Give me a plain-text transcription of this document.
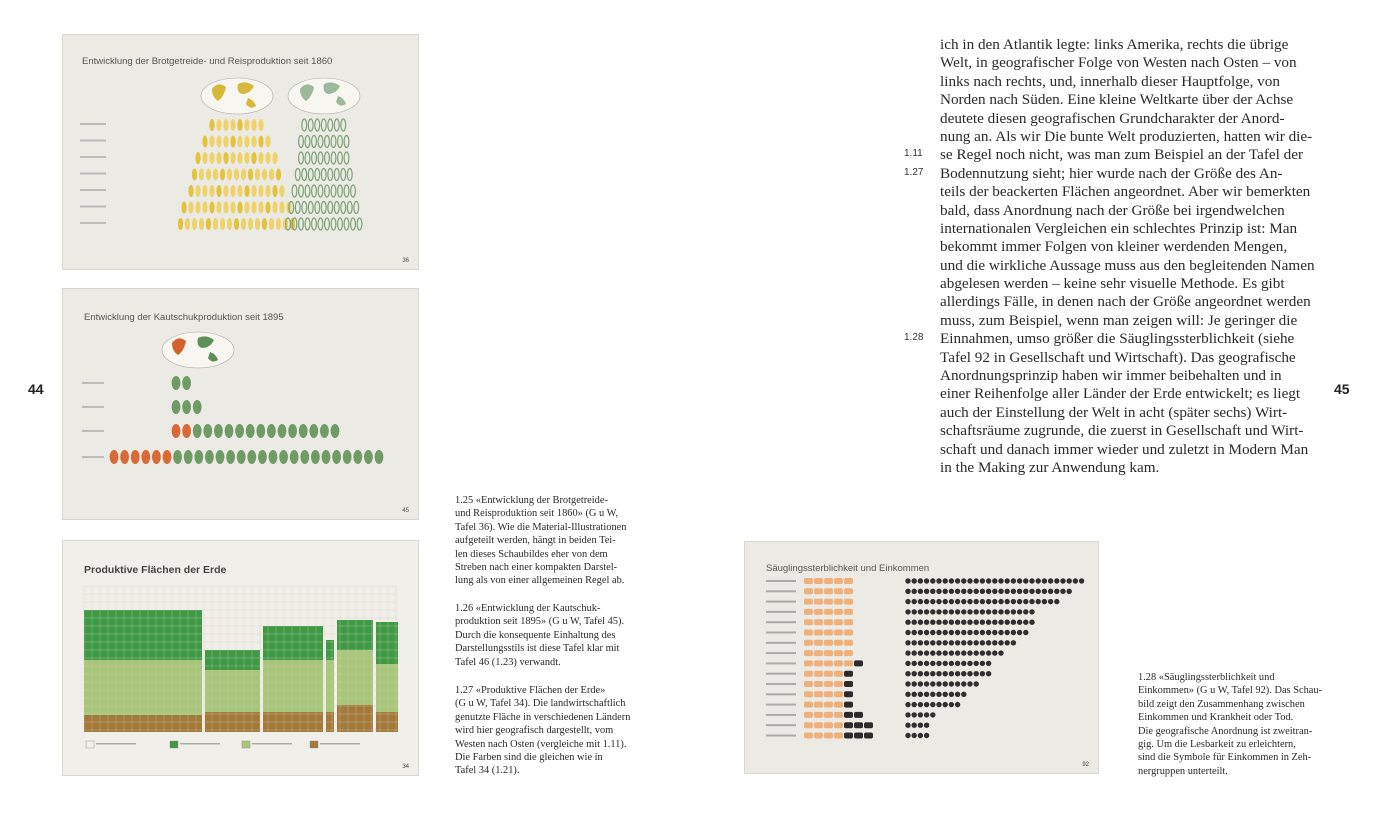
44	45
Entwicklung der Brotgetreide- und Reisproduktion seit 1860
36
Entwicklung der Kautschukproduktion seit 1895
45
Produktive Flächen der Erde
34
Säuglingssterblichkeit und Einkommen
92
ich in den Atlantik legte: links Amerika, rechts die übrige
Welt, in geografischer Folge von Westen nach Osten – von
links nach rechts, und, innerhalb dieser Hauptfolge, von
Norden nach Süden. Eine kleine Weltkarte über der Achse
deutete diesen geografischen Grundcharakter der Anord-
nung an. Als wir Die bunte Welt produzierten, hatten wir die-
se Regel noch nicht, was man zum Beispiel an der Tafel der
Bodennutzung sieht; hier wurde nach der Größe des An-
teils der beackerten Flächen angeordnet. Aber wir bemerkten
bald, dass Anordnung nach der Größe bei irgendwelchen
internationalen Vergleichen ein schlechtes Prinzip ist: Man
bekommt immer Folgen von kleiner werdenden Mengen,
und die wirkliche Aussage muss aus den begleitenden Namen
abgelesen werden – keine sehr visuelle Methode. Es gibt
allerdings Fälle, in denen nach der Größe angeordnet werden
muss, zum Beispiel, wenn man zeigen will: Je geringer die
Einnahmen, umso größer die Säuglingssterblichkeit (siehe
Tafel 92 in Gesellschaft und Wirtschaft). Das geografische
Anordnungsprinzip haben wir immer beibehalten und in
einer Reihenfolge aller Länder der Erde entwickelt; es liegt
auch der Einstellung der Welt in acht (später sechs) Wirt-
schaftsräume zugrunde, die zuerst in Gesellschaft und Wirt-
schaft und danach immer wieder und zuletzt in Modern Man
in the Making zur Anwendung kam.
1.11
1.27
1.28
1.25 «Entwicklung der Brotgetreide-
und Reisproduktion seit 1860» (G u W,
Tafel 36). Wie die Material-Illustrationen
aufgeteilt werden, hängt in beiden Tei-
len dieses Schaubildes eher von dem
Streben nach einer kompakten Darstel-
lung als von einer allgemeinen Regel ab.
1.26 «Entwicklung der Kautschuk-
produktion seit 1895» (G u W, Tafel 45).
Durch die konsequente Einhaltung des
Darstellungsstils ist diese Tafel klar mit
Tafel 46 (1.23) verwandt.
1.27 «Produktive Flächen der Erde»
(G u W, Tafel 34). Die landwirtschaftlich
genutzte Fläche in verschiedenen Ländern
wird hier geografisch dargestellt, vom
Westen nach Osten (vergleiche mit 1.11).
Die Farben sind die gleichen wie in
Tafel 34 (1.21).
1.28 «Säuglingssterblichkeit und
Einkommen» (G u W, Tafel 92). Das Schau-
bild zeigt den Zusammenhang zwischen
Einkommen und Krankheit oder Tod.
Die geografische Anordnung ist zweitran-
gig. Um die Lesbarkeit zu erleichtern,
sind die Symbole für Einkommen in Zeh-
nergruppen unterteilt.
